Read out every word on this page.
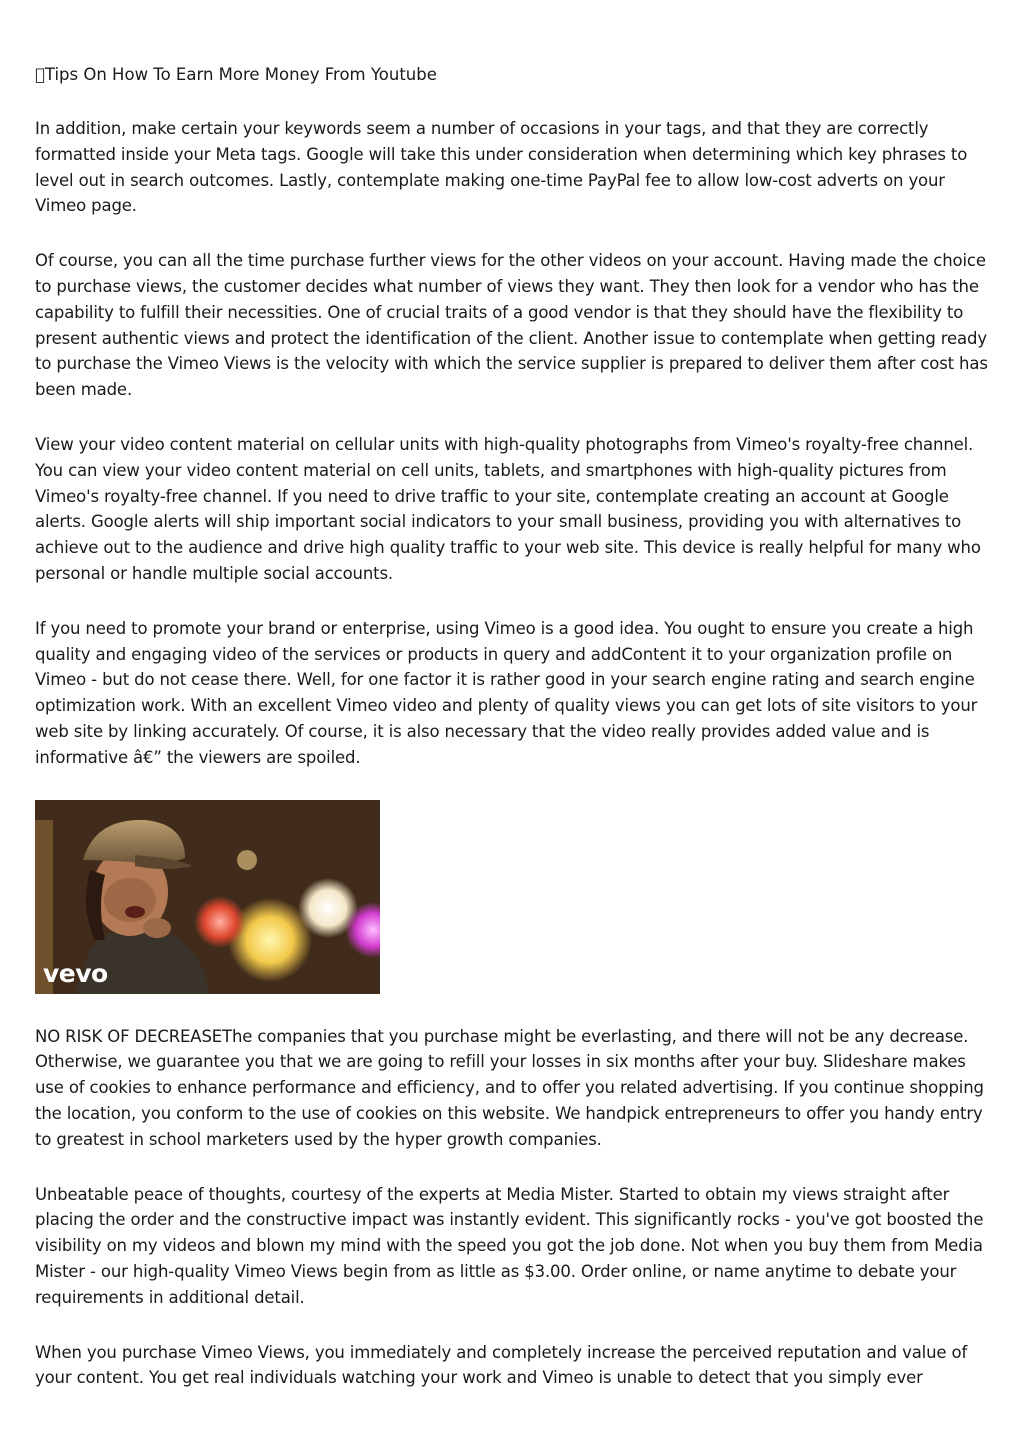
 Tips On How To Earn More Money From Youtube

In addition, make certain your keywords seem a number of occasions in your tags, and that they are correctly formatted inside your Meta tags. Google will take this under consideration when determining which key phrases to level out in search outcomes. Lastly, contemplate making one-time PayPal fee to allow low-cost adverts on your Vimeo page.

Of course, you can all the time purchase further views for the other videos on your account. Having made the choice to purchase views, the customer decides what number of views they want. They then look for a vendor who has the capability to fulfill their necessities. One of crucial traits of a good vendor is that they should have the flexibility to present authentic views and protect the identification of the client. Another issue to contemplate when getting ready to purchase the Vimeo Views is the velocity with which the service supplier is prepared to deliver them after cost has been made.

View your video content material on cellular units with high-quality photographs from Vimeo's royalty-free channel. You can view your video content material on cell units, tablets, and smartphones with high-quality pictures from Vimeo's royalty-free channel. If you need to drive traffic to your site, contemplate creating an account at Google alerts. Google alerts will ship important social indicators to your small business, providing you with alternatives to achieve out to the audience and drive high quality traffic to your web site. This device is really helpful for many who personal or handle multiple social accounts.

If you need to promote your brand or enterprise, using Vimeo is a good idea. You ought to ensure you create a high quality and engaging video of the services or products in query and addContent it to your organization profile on Vimeo - but do not cease there. Well, for one factor it is rather good in your search engine rating and search engine optimization work. With an excellent Vimeo video and plenty of quality views you can get lots of site visitors to your web site by linking accurately. Of course, it is also necessary that the video really provides added value and is informative â€” the viewers are spoiled.

vevo

NO RISK OF DECREASEThe companies that you purchase might be everlasting, and there will not be any decrease. Otherwise, we guarantee you that we are going to refill your losses in six months after your buy. Slideshare makes use of cookies to enhance performance and efficiency, and to offer you related advertising. If you continue shopping the location, you conform to the use of cookies on this website. We handpick entrepreneurs to offer you handy entry to greatest in school marketers used by the hyper growth companies.

Unbeatable peace of thoughts, courtesy of the experts at Media Mister. Started to obtain my views straight after placing the order and the constructive impact was instantly evident. This significantly rocks - you've got boosted the visibility on my videos and blown my mind with the speed you got the job done. Not when you buy them from Media Mister - our high-quality Vimeo Views begin from as little as $3.00. Order online, or name anytime to debate your requirements in additional detail.

When you purchase Vimeo Views, you immediately and completely increase the perceived reputation and value of your content. You get real individuals watching your work and Vimeo is unable to detect that you simply ever
